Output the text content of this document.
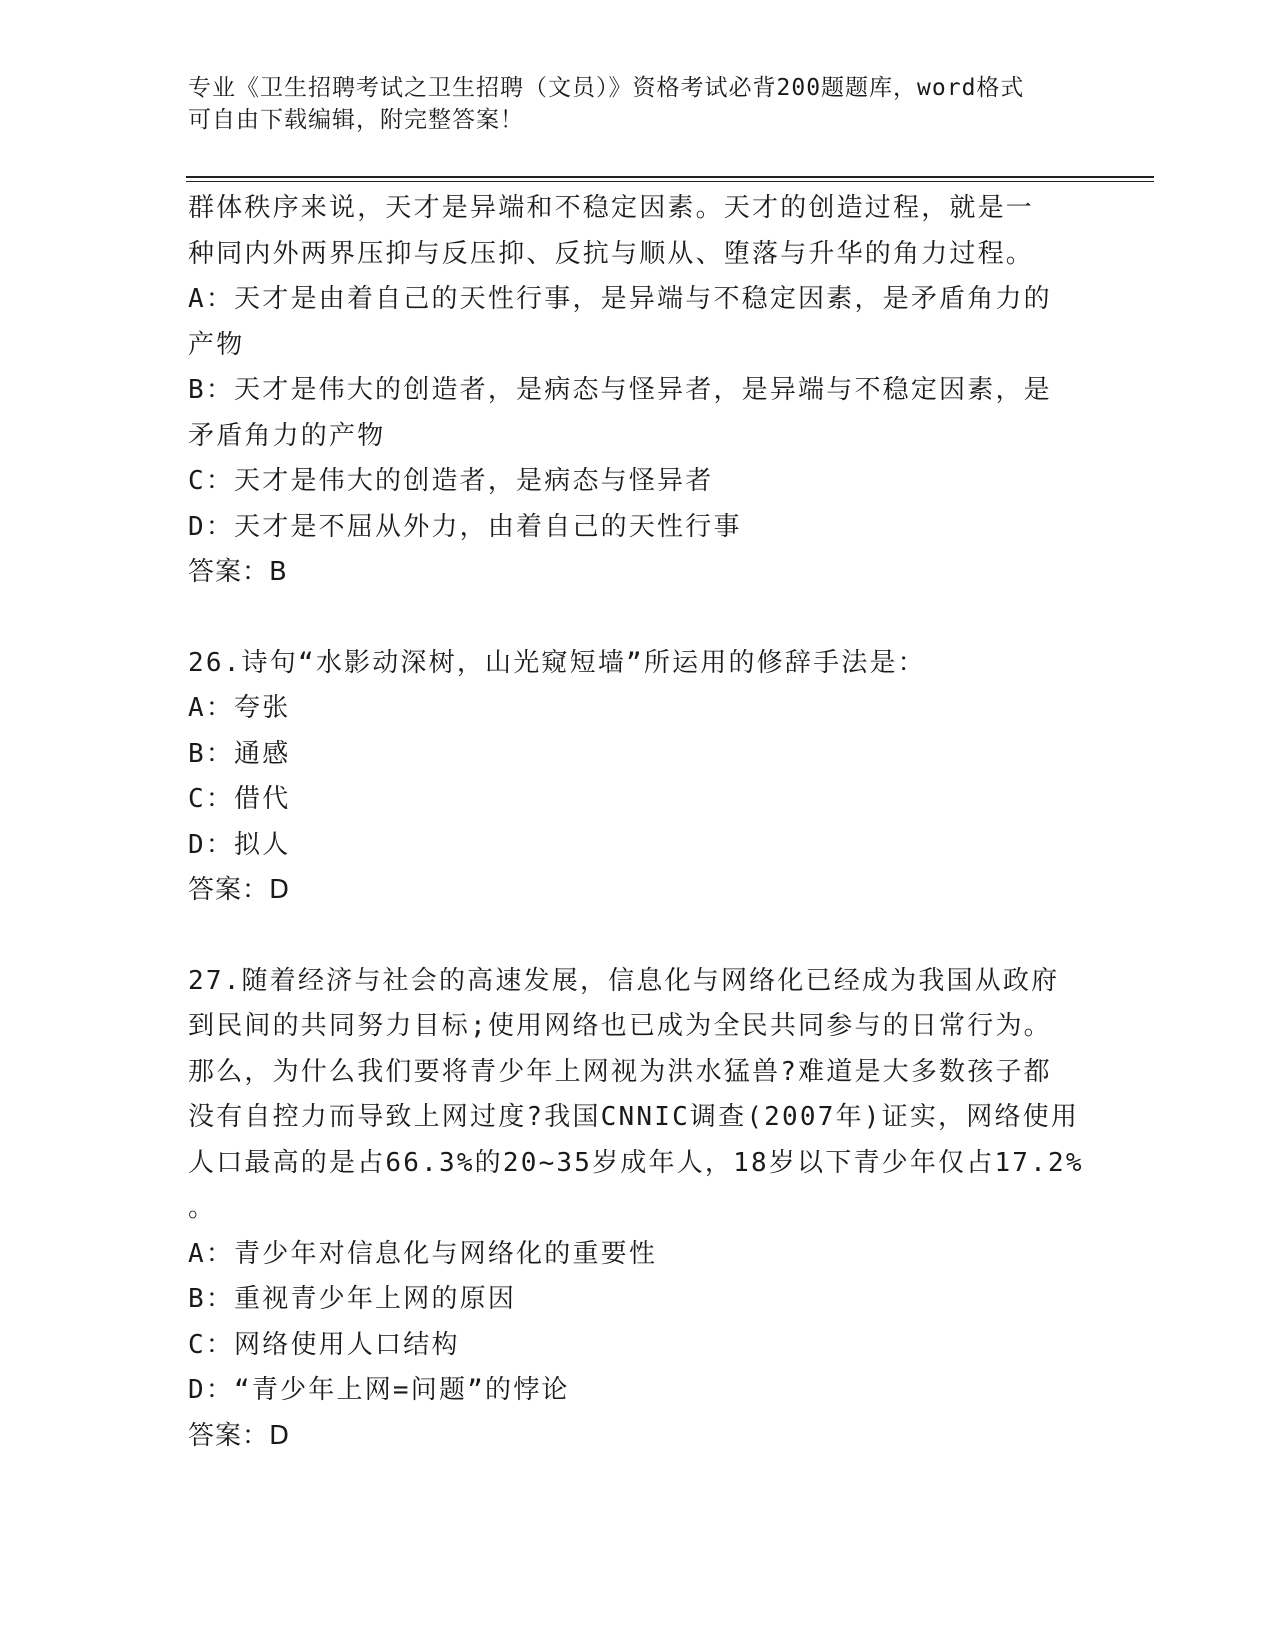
专业《卫生招聘考试之卫生招聘（文员）》资格考试必背200题题库，word格式
可自由下载编辑，附完整答案！

群体秩序来说，天才是异端和不稳定因素。天才的创造过程，就是一

种同内外两界压抑与反压抑、反抗与顺从、堕落与升华的角力过程。

A：天才是由着自己的天性行事，是异端与不稳定因素，是矛盾角力的

产物

B：天才是伟大的创造者，是病态与怪异者，是异端与不稳定因素，是

矛盾角力的产物

C：天才是伟大的创造者，是病态与怪异者

D：天才是不屈从外力，由着自己的天性行事

答案：B

26.诗句“水影动深树，山光窥短墙”所运用的修辞手法是：

A：夸张

B：通感

C：借代

D：拟人

答案：D

27.随着经济与社会的高速发展，信息化与网络化已经成为我国从政府

到民间的共同努力目标;使用网络也已成为全民共同参与的日常行为。

那么，为什么我们要将青少年上网视为洪水猛兽?难道是大多数孩子都

没有自控力而导致上网过度?我国CNNIC调查(2007年)证实，网络使用

人口最高的是占66.3%的20~35岁成年人，18岁以下青少年仅占17.2%

。

A：青少年对信息化与网络化的重要性

B：重视青少年上网的原因

C：网络使用人口结构

D：“青少年上网=问题”的悖论

答案：D
